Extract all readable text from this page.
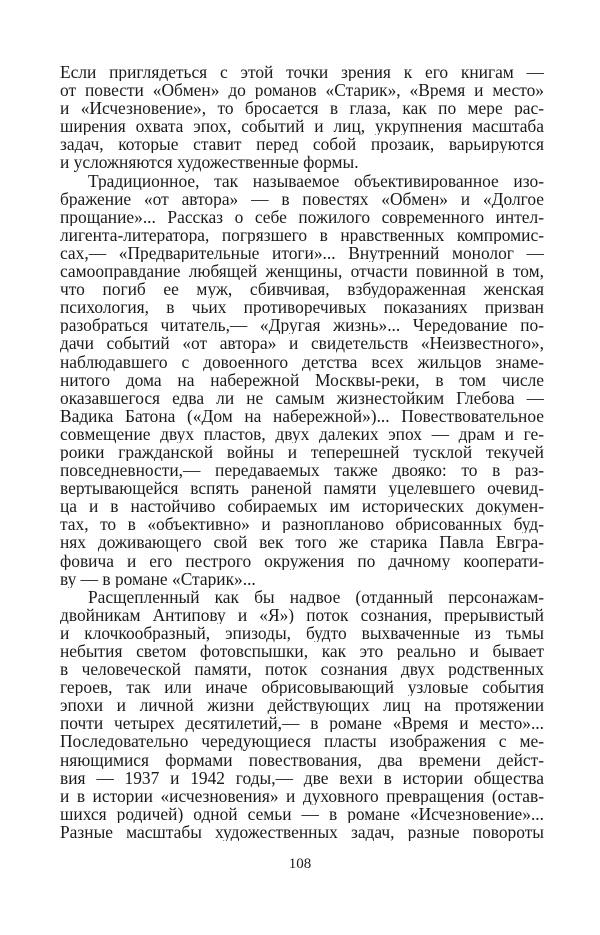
Если приглядеться с этой точки зрения к его книгам —
от повести «Обмен» до романов «Старик», «Время и место»
и «Исчезновение», то бросается в глаза, как по мере рас-
ширения охвата эпох, событий и лиц, укрупнения масштаба
задач, которые ставит перед собой прозаик, варьируются
и усложняются художественные формы.
Традиционное, так называемое объективированное изо-
бражение «от автора» — в повестях «Обмен» и «Долгое
прощание»... Рассказ о себе пожилого современного интел-
лигента-литератора, погрязшего в нравственных компромис-
сах,— «Предварительные итоги»... Внутренний монолог —
самооправдание любящей женщины, отчасти повинной в том,
что погиб ее муж, сбивчивая, взбудораженная женская
психология, в чьих противоречивых показаниях призван
разобраться читатель,— «Другая жизнь»... Чередование по-
дачи событий «от автора» и свидетельств «Неизвестного»,
наблюдавшего с довоенного детства всех жильцов знаме-
нитого дома на набережной Москвы-реки, в том числе
оказавшегося едва ли не самым жизнестойким Глебова —
Вадика Батона («Дом на набережной»)... Повествовательное
совмещение двух пластов, двух далеких эпох — драм и ге-
роики гражданской войны и теперешней тусклой текучей
повседневности,— передаваемых также двояко: то в раз-
вертывающейся вспять раненой памяти уцелевшего очевид-
ца и в настойчиво собираемых им исторических докумен-
тах, то в «объективно» и разнопланово обрисованных буд-
нях доживающего свой век того же старика Павла Евгра-
фовича и его пестрого окружения по дачному кооперати-
ву — в романе «Старик»...
Расщепленный как бы надвое (отданный персонажам-
двойникам Антипову и «Я») поток сознания, прерывистый
и клочкообразный, эпизоды, будто выхваченные из тьмы
небытия светом фотовспышки, как это реально и бывает
в человеческой памяти, поток сознания двух родственных
героев, так или иначе обрисовывающий узловые события
эпохи и личной жизни действующих лиц на протяжении
почти четырех десятилетий,— в романе «Время и место»...
Последовательно чередующиеся пласты изображения с ме-
няющимися формами повествования, два времени дейст-
вия — 1937 и 1942 годы,— две вехи в истории общества
и в истории «исчезновения» и духовного превращения (остав-
шихся родичей) одной семьи — в романе «Исчезновение»...
Разные масштабы художественных задач, разные повороты
108
